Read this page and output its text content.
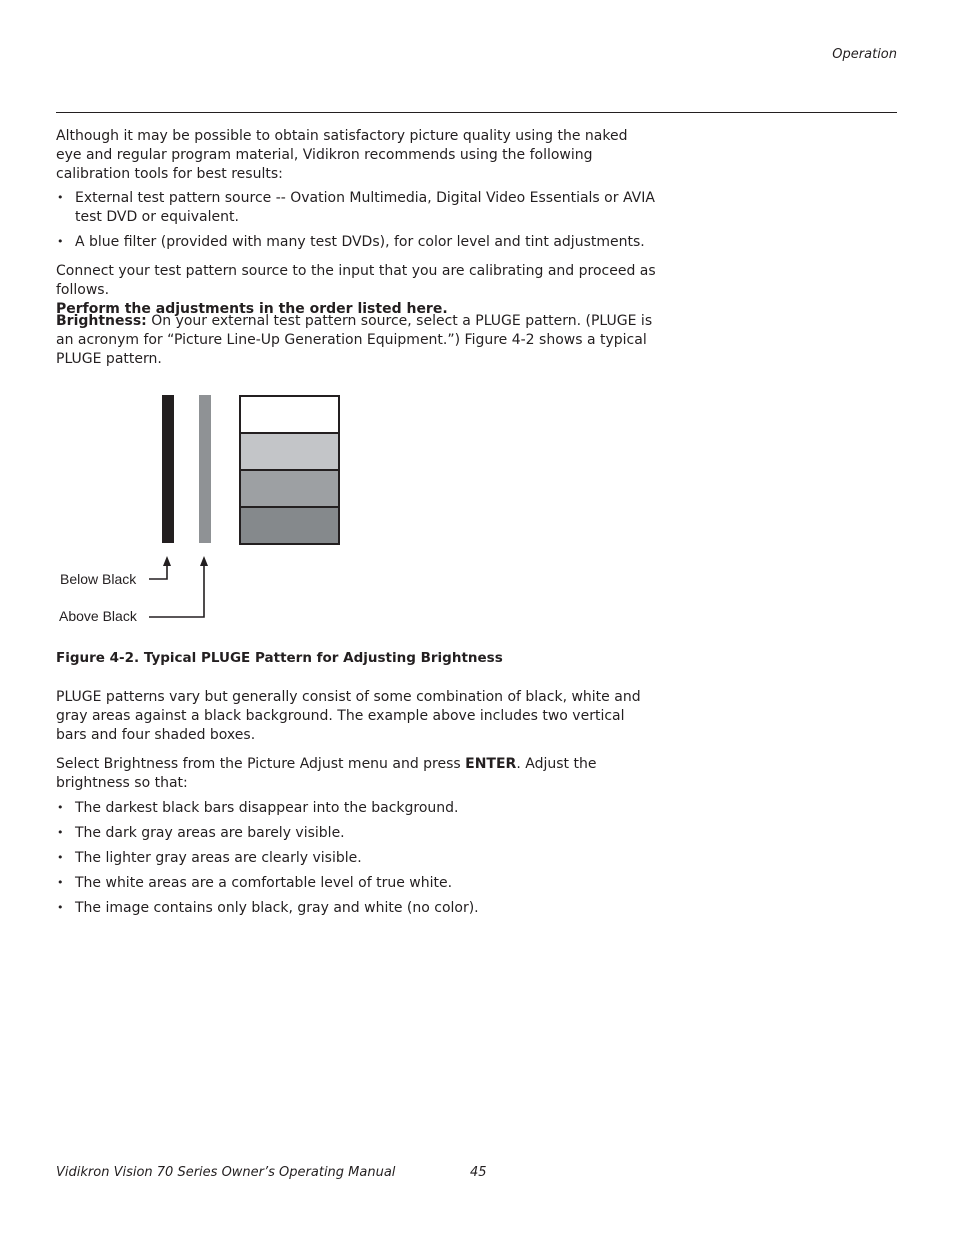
Operation

Although it may be possible to obtain satisfactory picture quality using the naked eye and regular program material, Vidikron recommends using the following calibration tools for best results:

• External test pattern source -- Ovation Multimedia, Digital Video Essentials or AVIA test DVD or equivalent.
• A blue filter (provided with many test DVDs), for color level and tint adjustments.

Connect your test pattern source to the input that you are calibrating and proceed as follows.

Perform the adjustments in the order listed here.

Brightness: On your external test pattern source, select a PLUGE pattern. (PLUGE is an acronym for “Picture Line-Up Generation Equipment.”) Figure 4-2 shows a typical PLUGE pattern.

Below Black
Above Black
Figure 4-2. Typical PLUGE Pattern for Adjusting Brightness

PLUGE patterns vary but generally consist of some combination of black, white and gray areas against a black background. The example above includes two vertical bars and four shaded boxes.

Select Brightness from the Picture Adjust menu and press ENTER. Adjust the brightness so that:

• The darkest black bars disappear into the background.
• The dark gray areas are barely visible.
• The lighter gray areas are clearly visible.
• The white areas are a comfortable level of true white.
• The image contains only black, gray and white (no color).
Vidikron Vision 70 Series Owner’s Operating Manual	45
